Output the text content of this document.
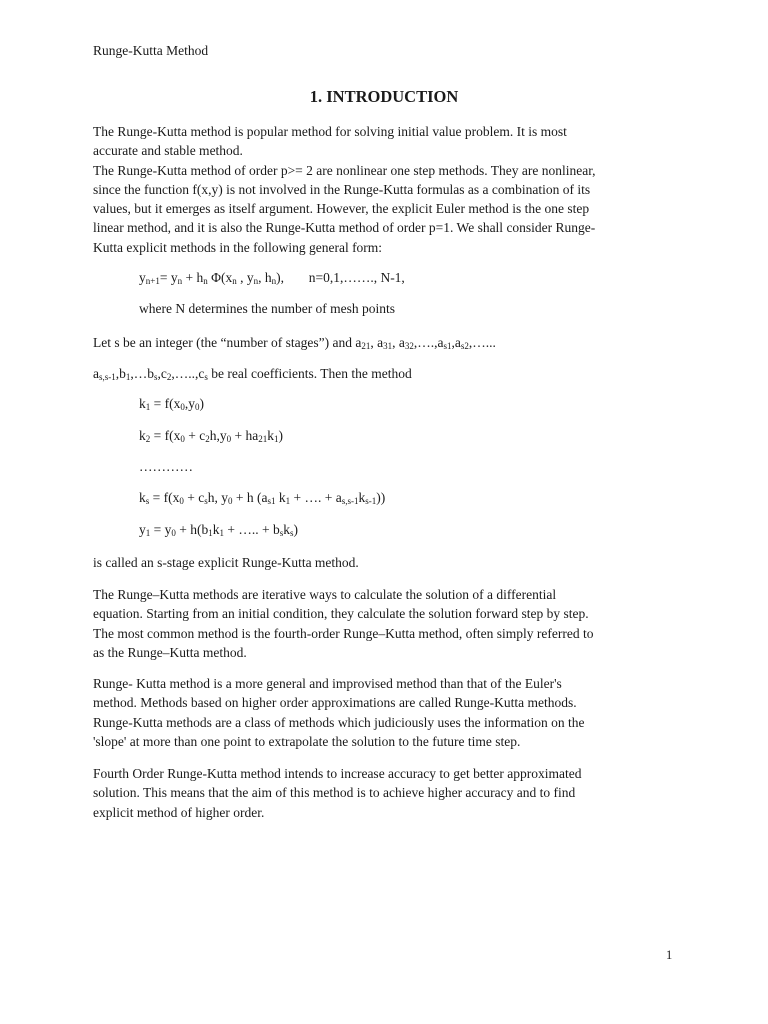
Runge-Kutta Method
1. INTRODUCTION
The Runge-Kutta method is popular method for solving initial value problem. It is most
accurate and stable method.
The Runge-Kutta method of order p>= 2 are nonlinear one step methods. They are nonlinear,
since the function f(x,y) is not involved in the Runge-Kutta formulas as a combination of its
values, but it emerges as itself argument. However, the explicit Euler method is the one step
linear method, and it is also the Runge-Kutta method of order p=1. We shall consider Runge-
Kutta explicit methods in the following general form:
$y_{n+1}= y_n + h_n$ $\Phi(x_n$ , $y_n$, $h_n$), n=0,1,……., N-1,
where N determines the number of mesh points
Let s be an integer (the “number of stages”) and $a_{21}$, $a_{31}$, $a_{32},\dots.,a_{s1},a_{s2},\dots$...
$a_{s,s-1},b_1,\dots b_s,c_2,\dots..,c_s$ be real coefficients. Then the method
$k_1 = f(x_0,y_0)$
$k_2 = f(x_0 + c_2h,y_0 + ha_{21}k_1)$
…………
$k_s = f(x_0 + c_sh$, $y_0 + h$ ($a_{s1}$ $k_1$ + …. + $a_{s,s-1}k_{s-1}$))
$y_1 = y_0 + h(b_1k_1$ + ….. + $b_sk_s$)
is called an s-stage explicit Runge-Kutta method.
The Runge–Kutta methods are iterative ways to calculate the solution of a differential
equation. Starting from an initial condition, they calculate the solution forward step by step.
The most common method is the fourth-order Runge–Kutta method, often simply referred to
as the Runge–Kutta method.
Runge- Kutta method is a more general and improvised method than that of the Euler's
method. Methods based on higher order approximations are called Runge-Kutta methods.
Runge-Kutta methods are a class of methods which judiciously uses the information on the
'slope' at more than one point to extrapolate the solution to the future time step.
Fourth Order Runge-Kutta method intends to increase accuracy to get better approximated
solution. This means that the aim of this method is to achieve higher accuracy and to find
explicit method of higher order.
1
